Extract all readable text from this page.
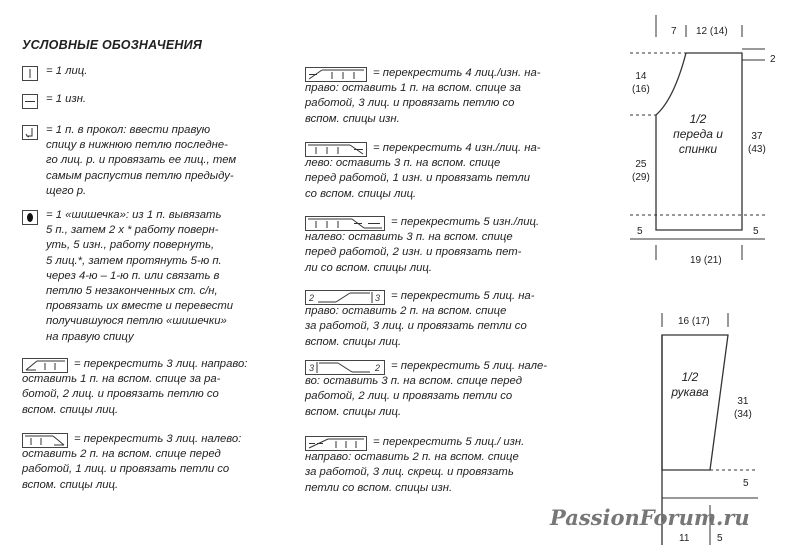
УСЛОВНЫЕ ОБОЗНАЧЕНИЯ
= 1 лиц.
= 1 изн.
= 1 п. в прокол: ввести правую
спицу в нижнюю петлю последне-
го лиц. р. и провязать ее лиц., тем
самым распустив петлю предыду-
щего р.
= 1 «шишечка»: из 1 п. вывязать
5 п., затем 2 х * работу поверн-
уть, 5 изн., работу повернуть,
5 лиц.*, затем протянуть 5-ю п.
через 4-ю – 1-ю п. или связать в
петлю 5 незаконченных ст. с/н,
провязать их вместе и перевести
получившуюся петлю «шишечки»
на правую спицу
= перекрестить 3 лиц. направо:
оставить 1 п. на вспом. спице за ра-
ботой, 2 лиц. и провязать петлю со
вспом. спицы лиц.
= перекрестить 3 лиц. налево:
оставить 2 п. на вспом. спице перед
работой, 1 лиц. и провязать петли со
вспом. спицы лиц.
= перекрестить 4 лиц./изн. на-
право: оставить 1 п. на вспом. спице за
работой, 3 лиц. и провязать петлю со
вспом. спицы изн.
= перекрестить 4 изн./лиц. на-
лево: оставить 3 п. на вспом. спице
перед работой, 1 изн. и провязать петли
со вспом. спицы лиц.
= перекрестить 5 изн./лиц.
налево: оставить 3 п. на вспом. спице
перед работой, 2 изн. и провязать пет-
ли со вспом. спицы лиц.
2	3 = перекрестить 5 лиц. на-
право: оставить 2 п. на вспом. спице
за работой, 3 лиц. и провязать петли со
вспом. спицы лиц.
3	2 = перекрестить 5 лиц. нале-
во: оставить 3 п. на вспом. спице перед
работой, 2 лиц. и провязать петли со
вспом. спицы лиц.
= перекрестить 5 лиц./ изн.
направо: оставить 2 п. на вспом. спице
за работой, 3 лиц. скрещ. и провязать
петли со вспом. спицы изн.
7 12 (14)
2
14
(16)
25
(29)
5
37
(43)
5
19 (21)
1/2
переда и
спинки
16 (17)
31
(34)
5
11	5
1/2
рукава
PassionForum.ru
